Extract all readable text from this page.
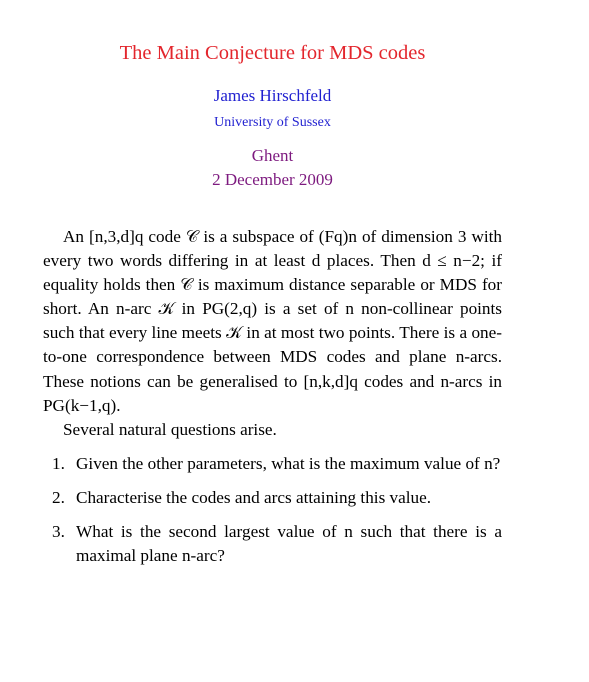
The Main Conjecture for MDS codes
James Hirschfeld
University of Sussex
Ghent
2 December 2009

An [n,3,d]q code 𝒞 is a subspace of (Fq)n of dimension 3 with every two words differing in at least d places. Then d ≤ n−2; if equality holds then 𝒞 is maximum distance separable or MDS for short. An n-arc 𝒦 in PG(2,q) is a set of n non-collinear points such that every line meets 𝒦 in at most two points. There is a one-to-one correspondence between MDS codes and plane n-arcs. These notions can be generalised to [n,k,d]q codes and n-arcs in PG(k−1,q).

Several natural questions arise.

1. Given the other parameters, what is the maximum value of n?
2. Characterise the codes and arcs attaining this value.
3. What is the second largest value of n such that there is a maximal plane n-arc?
